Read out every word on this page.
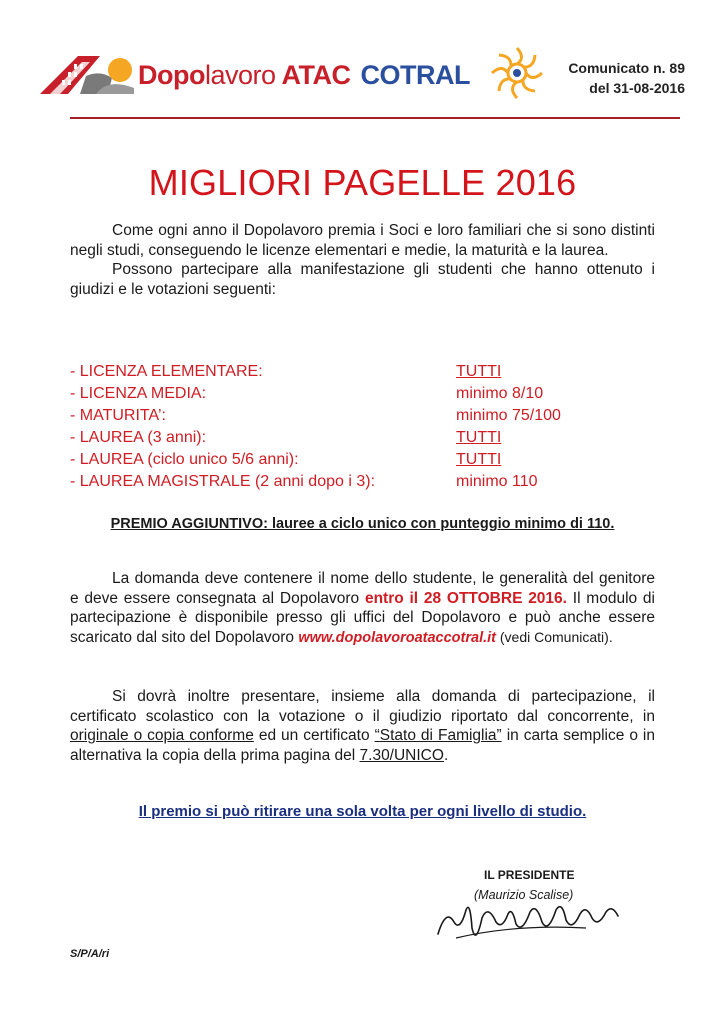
Dopolavoro ATAC COTRAL	Comunicato n. 89
del 31-08-2016
MIGLIORI PAGELLE 2016

Come ogni anno il Dopolavoro premia i Soci e loro familiari che si sono distinti negli studi, conseguendo le licenze elementari e medie, la maturità e la laurea.

Possono partecipare alla manifestazione gli studenti che hanno ottenuto i giudizi e le votazioni seguenti:

- LICENZA ELEMENTARE:	TUTTI
- LICENZA MEDIA:	minimo 8/10
- MATURITA’:	minimo 75/100
- LAUREA (3 anni):	TUTTI
- LAUREA (ciclo unico 5/6 anni):	TUTTI
- LAUREA MAGISTRALE (2 anni dopo i 3):	minimo 110
PREMIO AGGIUNTIVO: lauree a ciclo unico con punteggio minimo di 110.

La domanda deve contenere il nome dello studente, le generalità del genitore e deve essere consegnata al Dopolavoro entro il 28 OTTOBRE 2016. Il modulo di partecipazione è disponibile presso gli uffici del Dopolavoro e può anche essere scaricato dal sito del Dopolavoro www.dopolavoroataccotral.it (vedi Comunicati).

Si dovrà inoltre presentare, insieme alla domanda di partecipazione, il certificato scolastico con la votazione o il giudizio riportato dal concorrente, in originale o copia conforme ed un certificato “Stato di Famiglia” in carta semplice o in alternativa la copia della prima pagina del 7.30/UNICO.

Il premio si può ritirare una sola volta per ogni livello di studio.
IL PRESIDENTE
(Maurizio Scalise)
S/P/A/ri
